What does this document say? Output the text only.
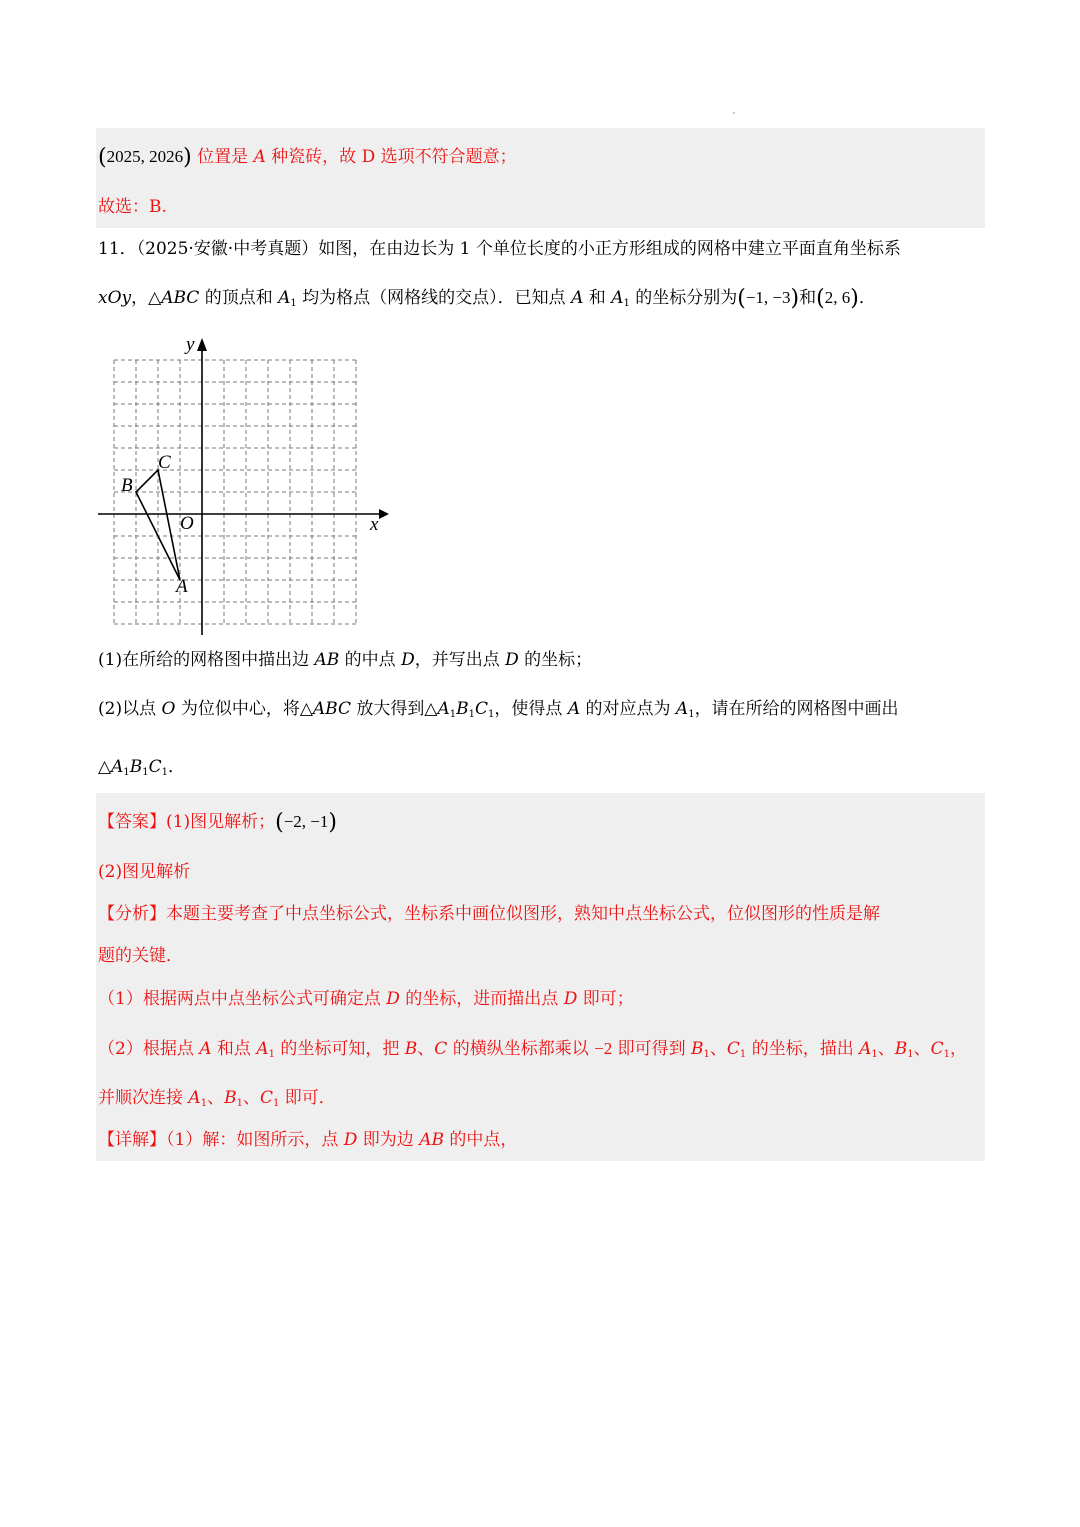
(2025, 2026) 位置是 A 种瓷砖，故 D 选项不符合题意；
故选：B.
11．（2025·安徽·中考真题）如图，在由边长为 1 个单位长度的小正方形组成的网格中建立平面直角坐标系
xOy，△ABC 的顶点和 $A_1$ 均为格点（网格线的交点）．已知点 A 和 $A_1$ 的坐标分别为(−1, −3)和(2, 6)．
x
y
O
A
B
C
(1)在所给的网格图中描出边 AB 的中点 D，并写出点 D 的坐标；
(2)以点 O 为位似中心，将△ABC 放大得到$\triangle A_1B_1C_1$，使得点 A 的对应点为 $A_1$，请在所给的网格图中画出
$\triangle A_1B_1C_1$．
【答案】(1)图见解析；(−2, −1)
(2)图见解析
【分析】本题主要考查了中点坐标公式，坐标系中画位似图形，熟知中点坐标公式，位似图形的性质是解
题的关键．
（1）根据两点中点坐标公式可确定点 D 的坐标，进而描出点 D 即可；
（2）根据点 A 和点 $A_1$ 的坐标可知，把 B、C 的横纵坐标都乘以 −2 即可得到 $B_1$、$C_1$ 的坐标，描出 $A_1$、$B_1$、$C_1$，
并顺次连接 $A_1$、$B_1$、$C_1$ 即可．
【详解】（1）解：如图所示，点 D 即为边 AB 的中点，
